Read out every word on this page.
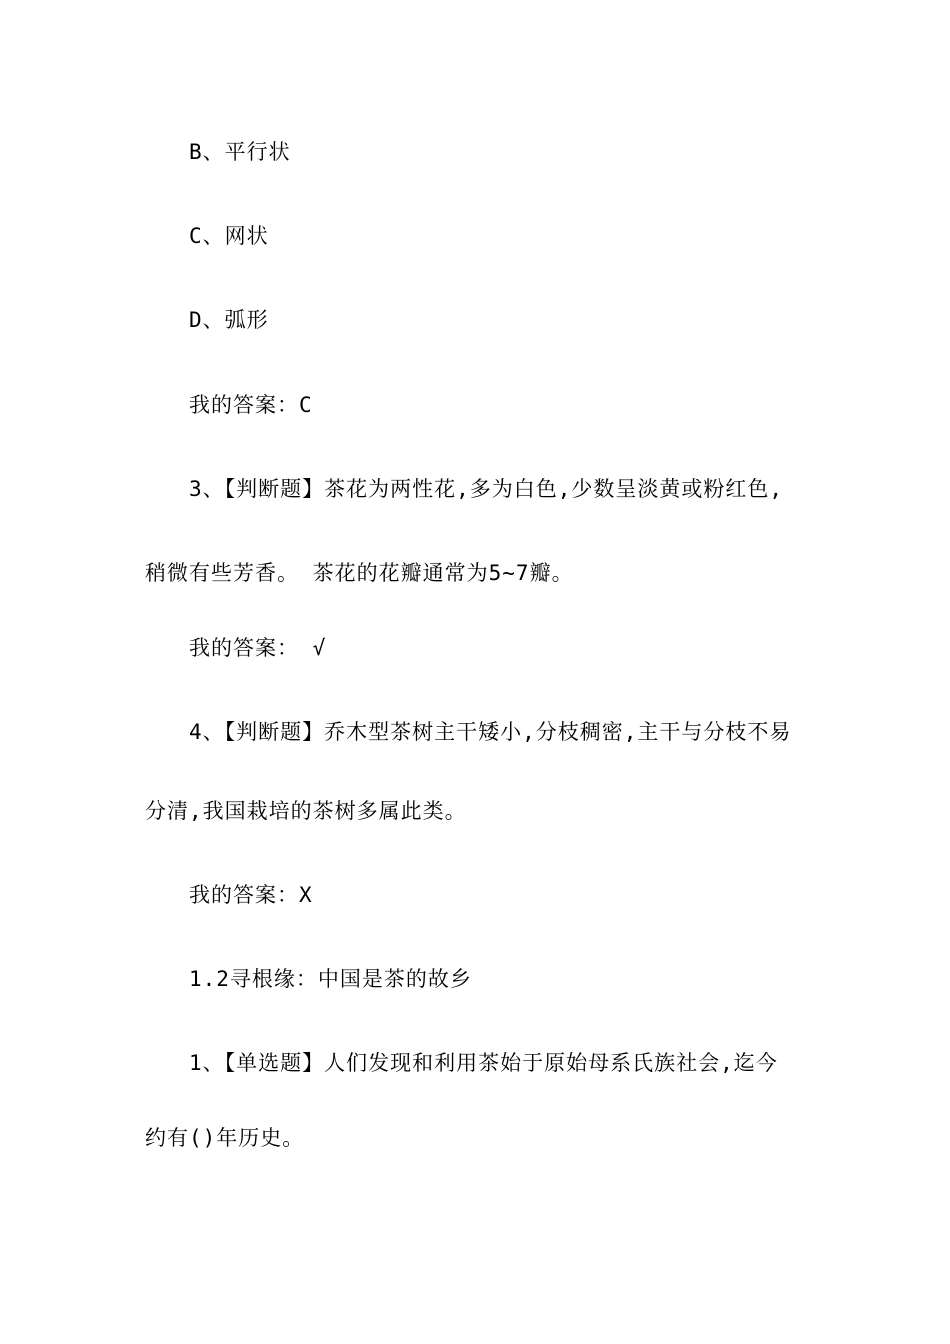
B、平行状
C、网状
D、弧形
我的答案：C
3、【判断题】茶花为两性花,多为白色,少数呈淡黄或粉红色,
稍微有些芳香。 茶花的花瓣通常为5~7瓣。
我的答案： √
4、【判断题】乔木型茶树主干矮小,分枝稠密,主干与分枝不易
分清,我国栽培的茶树多属此类。
我的答案：X
1.2寻根缘：中国是茶的故乡
1、【单选题】人们发现和利用茶始于原始母系氏族社会,迄今
约有()年历史。
